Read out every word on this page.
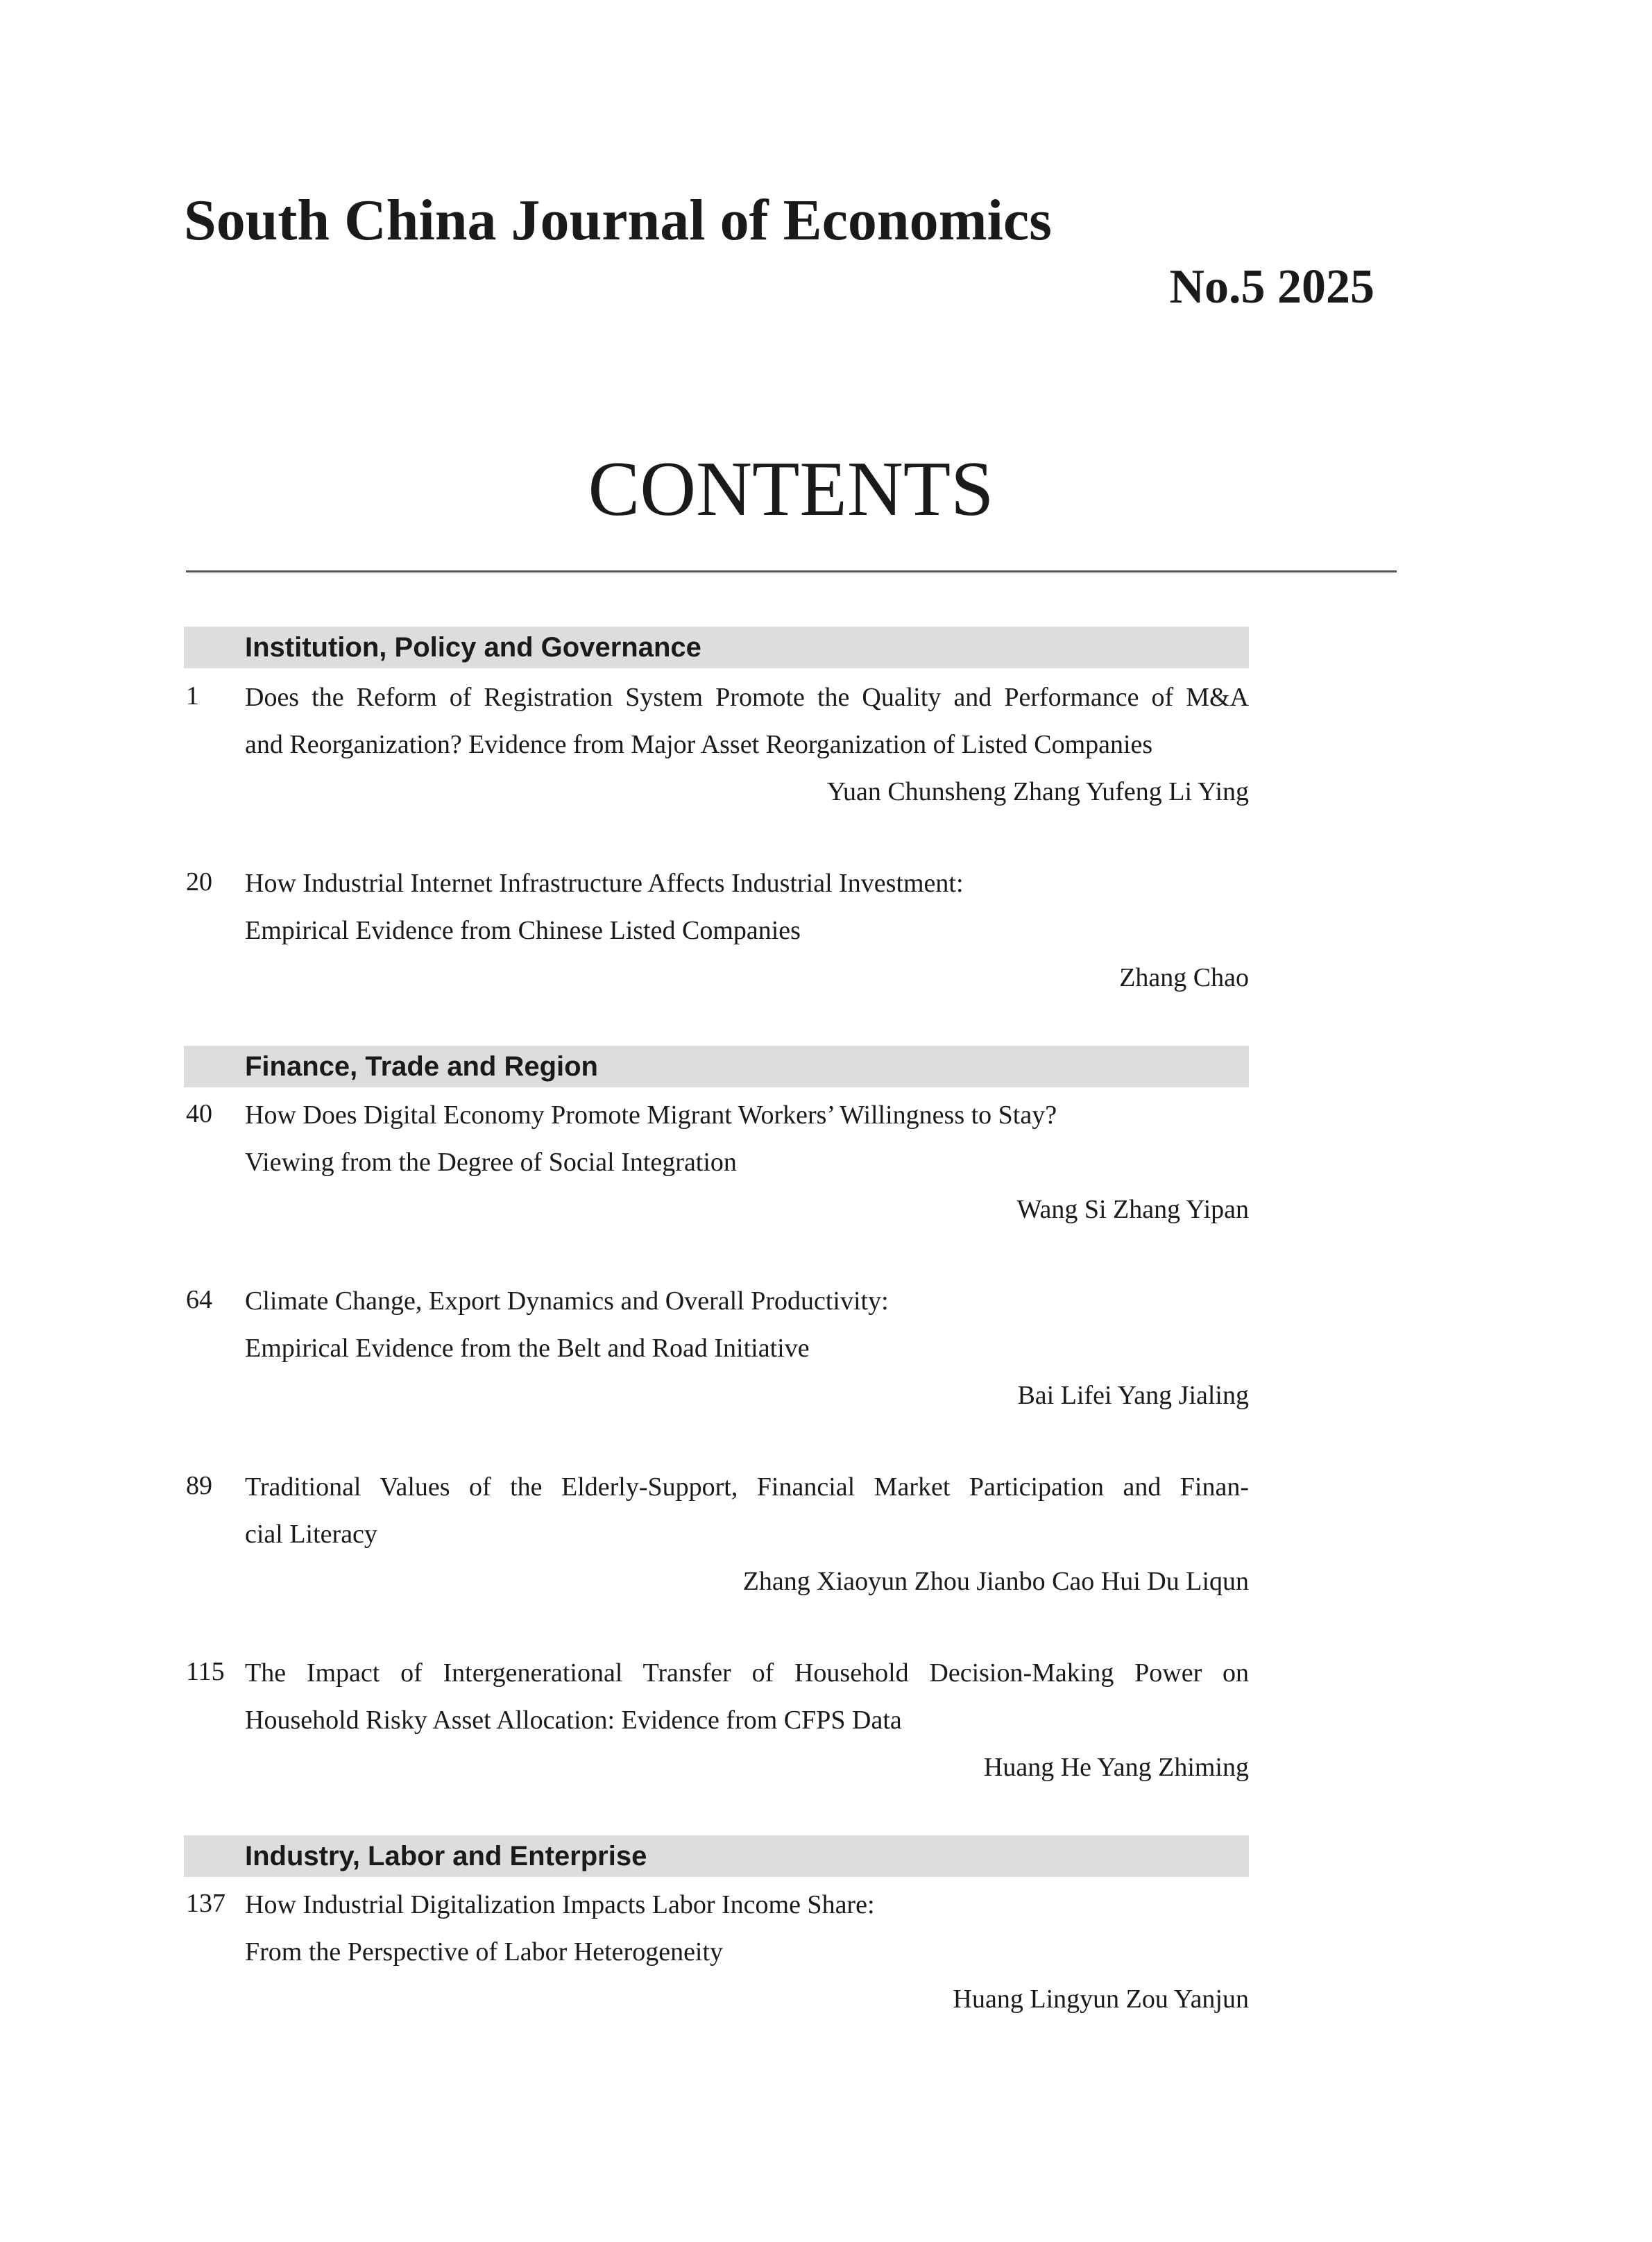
South China Journal of Economics
No.5 2025
CONTENTS
Institution, Policy and Governance
1 Does the Reform of Registration System Promote the Quality and Performance of M&A
and Reorganization? Evidence from Major Asset Reorganization of Listed Companies
Yuan Chunsheng Zhang Yufeng Li Ying
20 How Industrial Internet Infrastructure Affects Industrial Investment:
Empirical Evidence from Chinese Listed Companies
Zhang Chao
Finance, Trade and Region
40 How Does Digital Economy Promote Migrant Workers’ Willingness to Stay?
Viewing from the Degree of Social Integration
Wang Si Zhang Yipan
64 Climate Change, Export Dynamics and Overall Productivity:
Empirical Evidence from the Belt and Road Initiative
Bai Lifei Yang Jialing
89 Traditional Values of the Elderly-Support, Financial Market Participation and Finan-
cial Literacy
Zhang Xiaoyun Zhou Jianbo Cao Hui Du Liqun
115 The Impact of Intergenerational Transfer of Household Decision-Making Power on
Household Risky Asset Allocation: Evidence from CFPS Data
Huang He Yang Zhiming
Industry, Labor and Enterprise
137 How Industrial Digitalization Impacts Labor Income Share:
From the Perspective of Labor Heterogeneity
Huang Lingyun Zou Yanjun
